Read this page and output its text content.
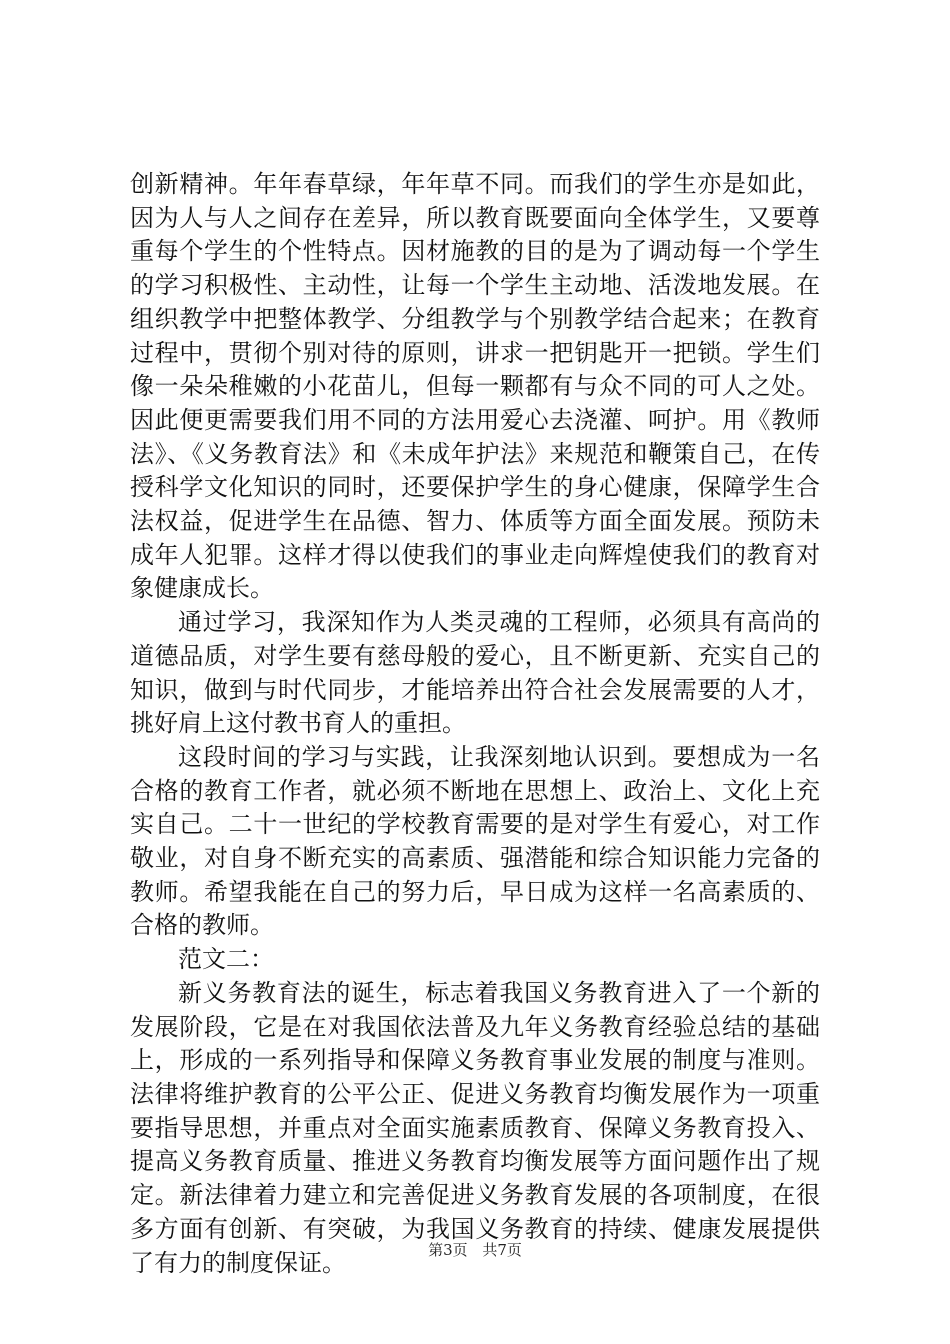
创新精神。年年春草绿，年年草不同。而我们的学生亦是如此，因为人与人之间存在差异，所以教育既要面向全体学生，又要尊重每个学生的个性特点。因材施教的目的是为了调动每一个学生的学习积极性、主动性，让每一个学生主动地、活泼地发展。在组织教学中把整体教学、分组教学与个别教学结合起来；在教育过程中，贯彻个别对待的原则，讲求一把钥匙开一把锁。学生们像一朵朵稚嫩的小花苗儿，但每一颗都有与众不同的可人之处。因此便更需要我们用不同的方法用爱心去浇灌、呵护。用《教师法》、《义务教育法》和《未成年护法》来规范和鞭策自己，在传授科学文化知识的同时，还要保护学生的身心健康，保障学生合法权益，促进学生在品德、智力、体质等方面全面发展。预防未成年人犯罪。这样才得以使我们的事业走向辉煌使我们的教育对象健康成长。

通过学习，我深知作为人类灵魂的工程师，必须具有高尚的道德品质，对学生要有慈母般的爱心，且不断更新、充实自己的知识，做到与时代同步，才能培养出符合社会发展需要的人才，挑好肩上这付教书育人的重担。

这段时间的学习与实践，让我深刻地认识到。要想成为一名合格的教育工作者，就必须不断地在思想上、政治上、文化上充实自己。二十一世纪的学校教育需要的是对学生有爱心，对工作敬业，对自身不断充实的高素质、强潜能和综合知识能力完备的教师。希望我能在自己的努力后，早日成为这样一名高素质的、合格的教师。

范文二：

新义务教育法的诞生，标志着我国义务教育进入了一个新的发展阶段，它是在对我国依法普及九年义务教育经验总结的基础上，形成的一系列指导和保障义务教育事业发展的制度与准则。法律将维护教育的公平公正、促进义务教育均衡发展作为一项重要指导思想，并重点对全面实施素质教育、保障义务教育投入、提高义务教育质量、推进义务教育均衡发展等方面问题作出了规定。新法律着力建立和完善促进义务教育发展的各项制度，在很多方面有创新、有突破，为我国义务教育的持续、健康发展提供了有力的制度保证。	第3页 共7页
